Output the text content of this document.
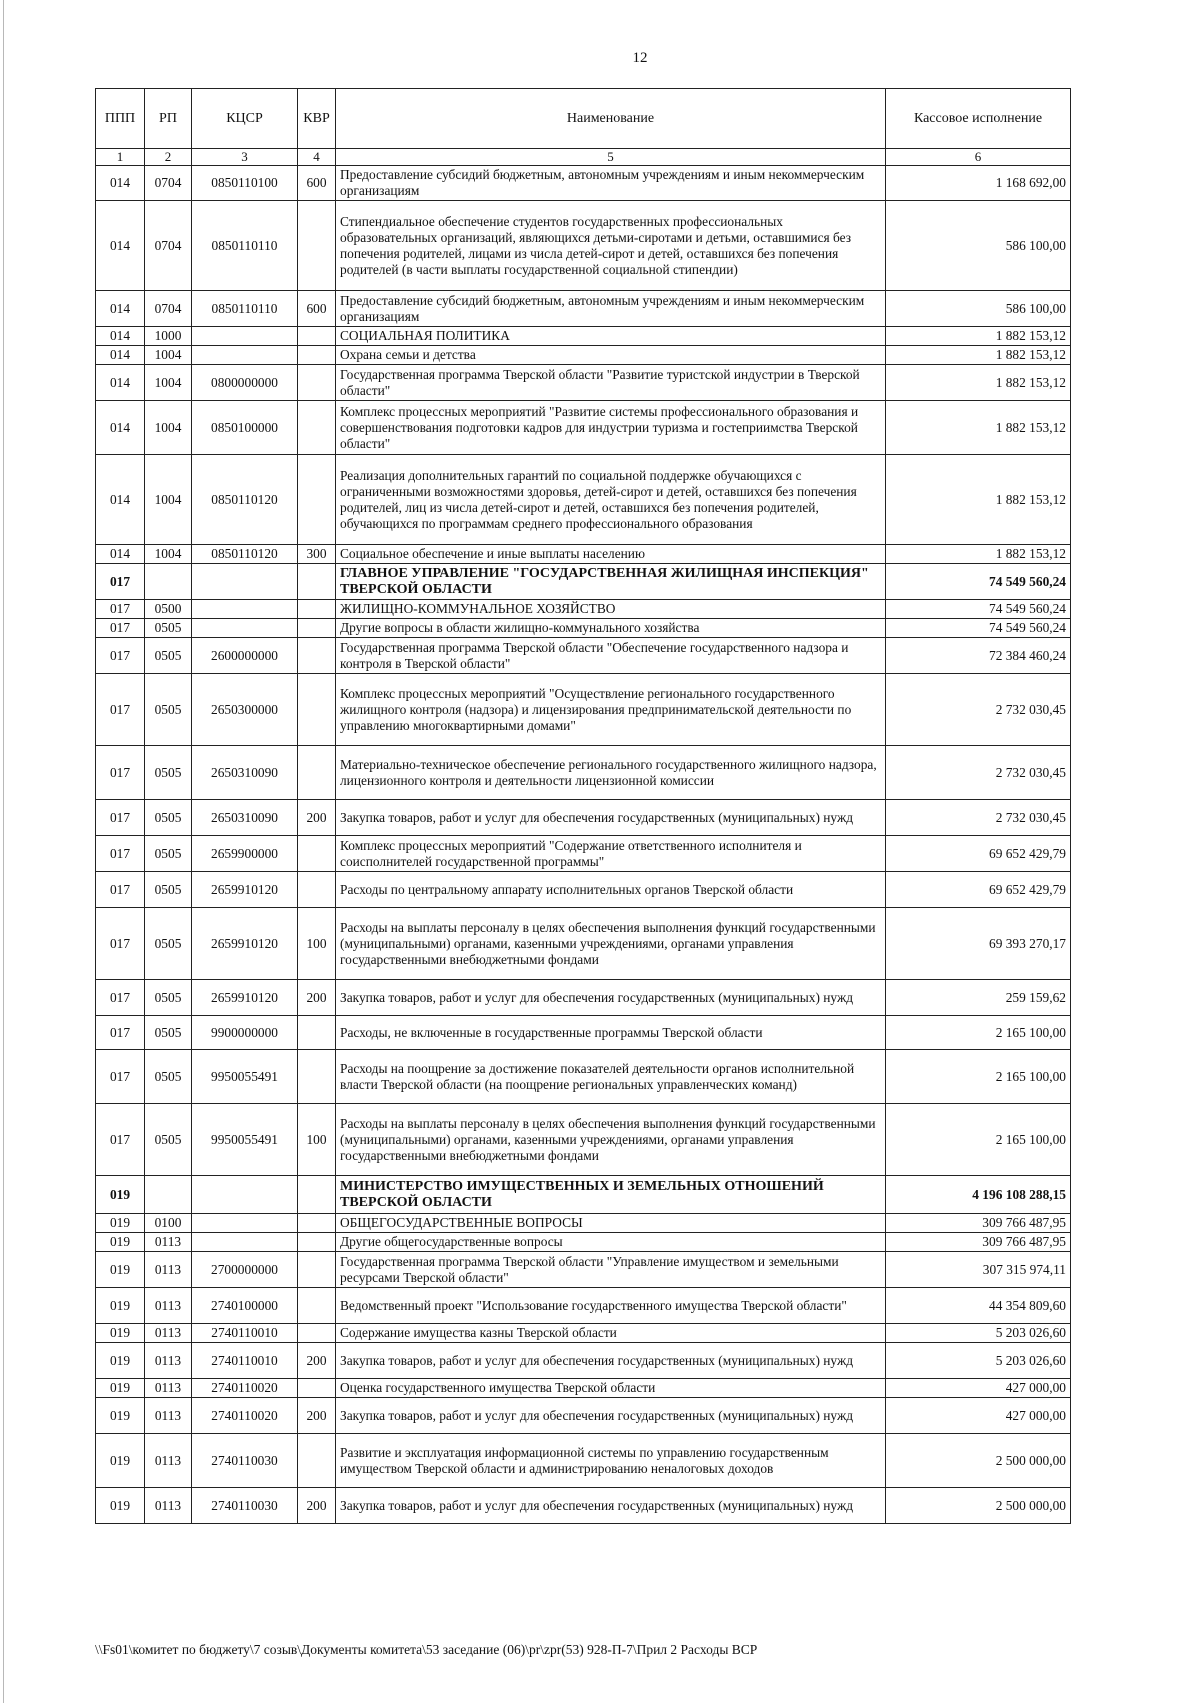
12
ППП	РП	КЦСР	КВР	Наименование	Кассовое исполнение
1	2	3	4	5	6
014	0704	0850110100	600	Предоставление субсидий бюджетным, автономным учреждениям и иным некоммерческим организациям	1 168 692,00
014	0704	0850110110		Стипендиальное обеспечение студентов государственных профессиональных образовательных организаций, являющихся детьми-сиротами и детьми, оставшимися без попечения родителей, лицами из числа детей-сирот и детей, оставшихся без попечения родителей (в части выплаты государственной социальной стипендии)	586 100,00
014	0704	0850110110	600	Предоставление субсидий бюджетным, автономным учреждениям и иным некоммерческим организациям	586 100,00
014	1000			СОЦИАЛЬНАЯ ПОЛИТИКА	1 882 153,12
014	1004			Охрана семьи и детства	1 882 153,12
014	1004	0800000000		Государственная программа Тверской области "Развитие туристской индустрии в Тверской области"	1 882 153,12
014	1004	0850100000		Комплекс процессных мероприятий "Развитие системы профессионального образования и совершенствования подготовки кадров для индустрии туризма и гостеприимства Тверской области"	1 882 153,12
014	1004	0850110120		Реализация дополнительных гарантий по социальной поддержке обучающихся с ограниченными возможностями здоровья, детей-сирот и детей, оставшихся без попечения родителей, лиц из числа детей-сирот и детей, оставшихся без попечения родителей, обучающихся по программам среднего профессионального образования	1 882 153,12
014	1004	0850110120	300	Социальное обеспечение и иные выплаты населению	1 882 153,12
017				ГЛАВНОЕ УПРАВЛЕНИЕ "ГОСУДАРСТВЕННАЯ ЖИЛИЩНАЯ ИНСПЕКЦИЯ" ТВЕРСКОЙ ОБЛАСТИ	74 549 560,24
017	0500			ЖИЛИЩНО-КОММУНАЛЬНОЕ ХОЗЯЙСТВО	74 549 560,24
017	0505			Другие вопросы в области жилищно-коммунального хозяйства	74 549 560,24
017	0505	2600000000		Государственная программа Тверской области "Обеспечение государственного надзора и контроля в Тверской области"	72 384 460,24
017	0505	2650300000		Комплекс процессных мероприятий "Осуществление регионального государственного жилищного контроля (надзора) и лицензирования предпринимательской деятельности по управлению многоквартирными домами"	2 732 030,45
017	0505	2650310090		Материально-техническое обеспечение регионального государственного жилищного надзора, лицензионного контроля и деятельности лицензионной комиссии	2 732 030,45
017	0505	2650310090	200	Закупка товаров, работ и услуг для обеспечения государственных (муниципальных) нужд	2 732 030,45
017	0505	2659900000		Комплекс процессных мероприятий "Содержание ответственного исполнителя и соисполнителей государственной программы"	69 652 429,79
017	0505	2659910120		Расходы по центральному аппарату исполнительных органов Тверской области	69 652 429,79
017	0505	2659910120	100	Расходы на выплаты персоналу в целях обеспечения выполнения функций государственными (муниципальными) органами, казенными учреждениями, органами управления государственными внебюджетными фондами	69 393 270,17
017	0505	2659910120	200	Закупка товаров, работ и услуг для обеспечения государственных (муниципальных) нужд	259 159,62
017	0505	9900000000		Расходы, не включенные в государственные программы Тверской области	2 165 100,00
017	0505	9950055491		Расходы на поощрение за достижение показателей деятельности органов исполнительной власти Тверской области (на поощрение региональных управленческих команд)	2 165 100,00
017	0505	9950055491	100	Расходы на выплаты персоналу в целях обеспечения выполнения функций государственными (муниципальными) органами, казенными учреждениями, органами управления государственными внебюджетными фондами	2 165 100,00
019				МИНИСТЕРСТВО ИМУЩЕСТВЕННЫХ И ЗЕМЕЛЬНЫХ ОТНОШЕНИЙ ТВЕРСКОЙ ОБЛАСТИ	4 196 108 288,15
019	0100			ОБЩЕГОСУДАРСТВЕННЫЕ ВОПРОСЫ	309 766 487,95
019	0113			Другие общегосударственные вопросы	309 766 487,95
019	0113	2700000000		Государственная программа Тверской области "Управление имуществом и земельными ресурсами Тверской области"	307 315 974,11
019	0113	2740100000		Ведомственный проект "Использование государственного имущества Тверской области"	44 354 809,60
019	0113	2740110010		Содержание имущества казны Тверской области	5 203 026,60
019	0113	2740110010	200	Закупка товаров, работ и услуг для обеспечения государственных (муниципальных) нужд	5 203 026,60
019	0113	2740110020		Оценка государственного имущества Тверской области	427 000,00
019	0113	2740110020	200	Закупка товаров, работ и услуг для обеспечения государственных (муниципальных) нужд	427 000,00
019	0113	2740110030		Развитие и эксплуатация информационной системы по управлению государственным имуществом Тверской области и администрированию неналоговых доходов	2 500 000,00
019	0113	2740110030	200	Закупка товаров, работ и услуг для обеспечения государственных (муниципальных) нужд	2 500 000,00
\\Fs01\комитет по бюджету\7 созыв\Документы комитета\53 заседание (06)\pr\zpr(53) 928-П-7\Прил 2 Расходы ВСР
